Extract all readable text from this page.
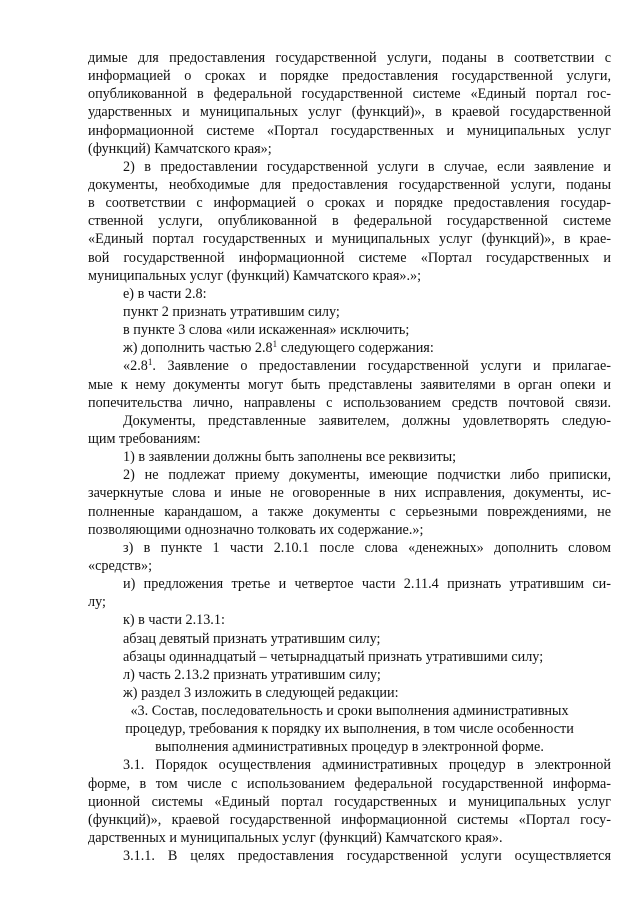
димые для предоставления государственной услуги, поданы в соответствии с
информацией о сроках и порядке предоставления государственной услуги,
опубликованной в федеральной государственной системе «Единый портал гос-
ударственных и муниципальных услуг (функций)», в краевой государственной
информационной системе «Портал государственных и муниципальных услуг
(функций) Камчатского края»;
2) в предоставлении государственной услуги в случае, если заявление и
документы, необходимые для предоставления государственной услуги, поданы
в соответствии с информацией о сроках и порядке предоставления государ-
ственной услуги, опубликованной в федеральной государственной системе
«Единый портал государственных и муниципальных услуг (функций)», в крае-
вой государственной информационной системе «Портал государственных и
муниципальных услуг (функций) Камчатского края».»;
е) в части 2.8:
пункт 2 признать утратившим силу;
в пункте 3 слова «или искаженная» исключить;
ж) дополнить частью $2.8^1$ следующего содержания:
«$2.8^1$. Заявление о предоставлении государственной услуги и прилагае-
мые к нему документы могут быть представлены заявителями в орган опеки и
попечительства лично, направлены с использованием средств почтовой связи.
Документы, представленные заявителем, должны удовлетворять следую-
щим требованиям:
1) в заявлении должны быть заполнены все реквизиты;
2) не подлежат приему документы, имеющие подчистки либо приписки,
зачеркнутые слова и иные не оговоренные в них исправления, документы, ис-
полненные карандашом, а также документы с серьезными повреждениями, не
позволяющими однозначно толковать их содержание.»;
з) в пункте 1 части 2.10.1 после слова «денежных» дополнить словом
«средств»;
и) предложения третье и четвертое части 2.11.4 признать утратившим си-
лу;
к) в части 2.13.1:
абзац девятый признать утратившим силу;
абзацы одиннадцатый – четырнадцатый признать утратившими силу;
л) часть 2.13.2 признать утратившим силу;
ж) раздел 3 изложить в следующей редакции:
«3. Состав, последовательность и сроки выполнения административных
процедур, требования к порядку их выполнения, в том числе особенности
выполнения административных процедур в электронной форме.
3.1. Порядок осуществления административных процедур в электронной
форме, в том числе с использованием федеральной государственной информа-
ционной системы «Единый портал государственных и муниципальных услуг
(функций)», краевой государственной информационной системы «Портал госу-
дарственных и муниципальных услуг (функций) Камчатского края».
3.1.1. В целях предоставления государственной услуги осуществляется
